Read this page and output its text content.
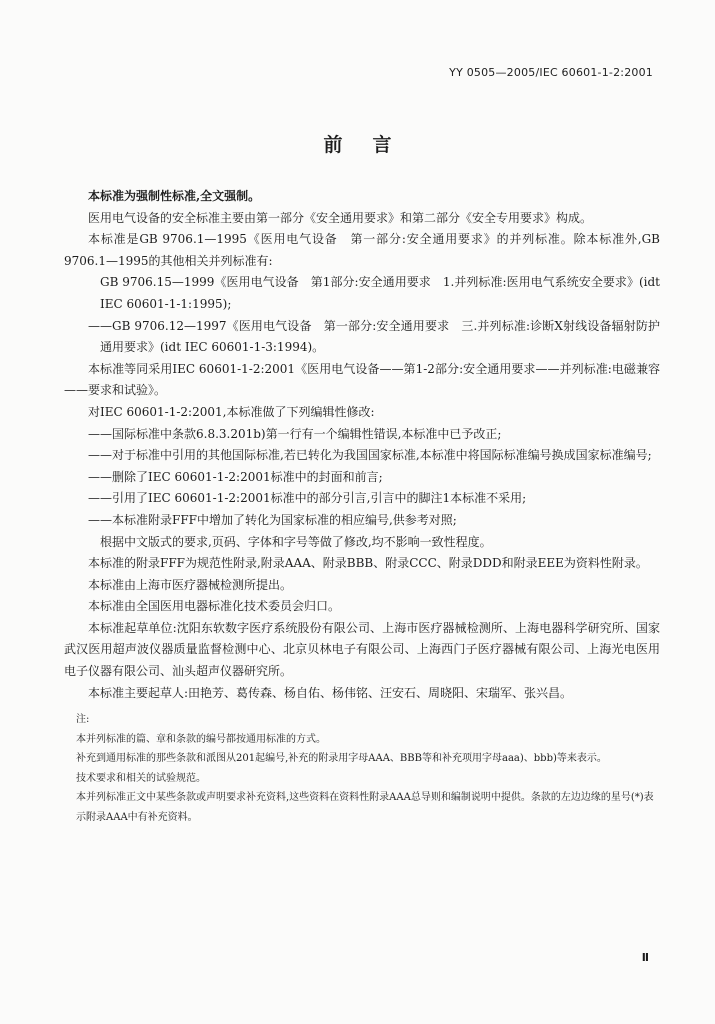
YY 0505—2005/IEC 60601-1-2:2001
前言

本标准为强制性标准,全文强制。

医用电气设备的安全标准主要由第一部分《安全通用要求》和第二部分《安全专用要求》构成。

本标准是GB 9706.1—1995《医用电气设备　第一部分:安全通用要求》的并列标准。除本标准外,GB 9706.1—1995的其他相关并列标准有:

GB 9706.15—1999《医用电气设备　第1部分:安全通用要求　1.并列标准:医用电气系统安全要求》(idt IEC 60601-1-1:1995);

——GB 9706.12—1997《医用电气设备　第一部分:安全通用要求　三.并列标准:诊断X射线设备辐射防护通用要求》(idt IEC 60601-1-3:1994)。

本标准等同采用IEC 60601-1-2:2001《医用电气设备——第1-2部分:安全通用要求——并列标准:电磁兼容——要求和试验》。

对IEC 60601-1-2:2001,本标准做了下列编辑性修改:

——国际标准中条款6.8.3.201b)第一行有一个编辑性错误,本标准中已予改正;

——对于标准中引用的其他国际标准,若已转化为我国国家标准,本标准中将国际标准编号换成国家标准编号;

——删除了IEC 60601-1-2:2001标准中的封面和前言;

——引用了IEC 60601-1-2:2001标准中的部分引言,引言中的脚注1本标准不采用;

——本标准附录FFF中增加了转化为国家标准的相应编号,供参考对照;

根据中文版式的要求,页码、字体和字号等做了修改,均不影响一致性程度。

本标准的附录FFF为规范性附录,附录AAA、附录BBB、附录CCC、附录DDD和附录EEE为资料性附录。

本标准由上海市医疗器械检测所提出。

本标准由全国医用电器标准化技术委员会归口。

本标准起草单位:沈阳东软数字医疗系统股份有限公司、上海市医疗器械检测所、上海电器科学研究所、国家武汉医用超声波仪器质量监督检测中心、北京贝林电子有限公司、上海西门子医疗器械有限公司、上海光电医用电子仪器有限公司、汕头超声仪器研究所。

本标准主要起草人:田艳芳、葛传森、杨自佑、杨伟铭、汪安石、周晓阳、宋瑞军、张兴昌。

注:

本并列标准的篇、章和条款的编号都按通用标准的方式。

补充到通用标准的那些条款和派图从201起编号,补充的附录用字母AAA、BBB等和补充项用字母aaa)、bbb)等来表示。

技术要求和相关的试验规范。

本并列标准正文中某些条款或声明要求补充资料,这些资料在资料性附录AAA总导则和编制说明中提供。条款的左边边缘的星号(*)表示附录AAA中有补充资料。

Ⅱ
